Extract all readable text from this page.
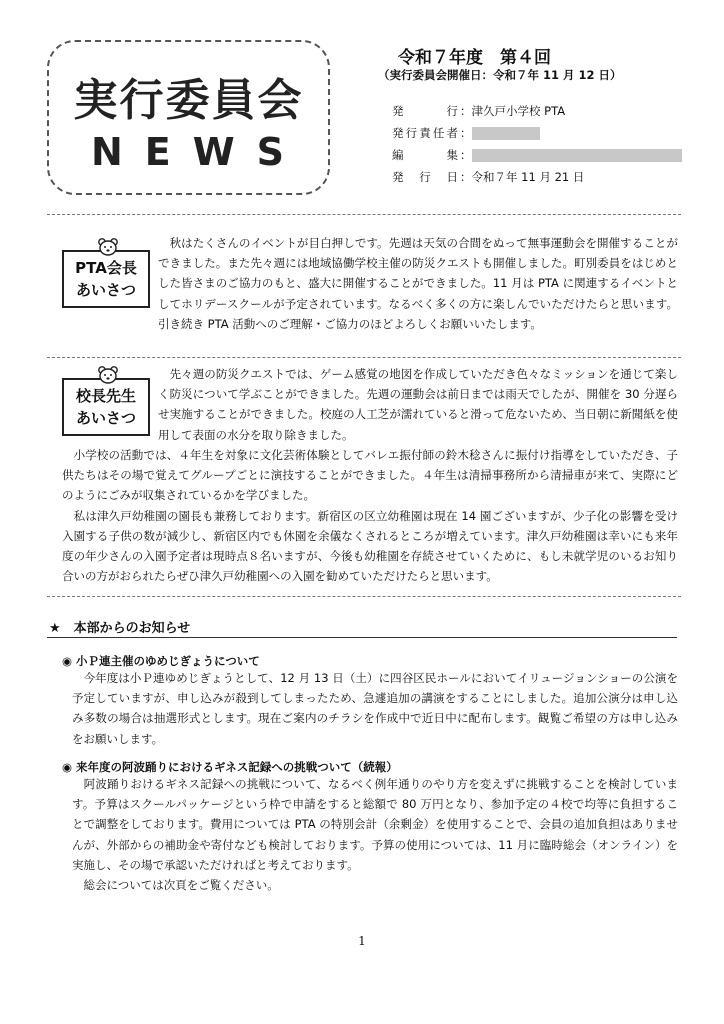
実行委員会
NEWS
令和７年度　第４回
（実行委員会開催日：令和７年 11 月 12 日）
発行 ：津久戸小学校 PTA
発行責任者 ：
編集 ：
発行日 ：令和７年 11 月 21 日
PTA会長
あいさつ

　秋はたくさんのイベントが目白押しです。先週は天気の合間をぬって無事運動会を開催することができました。また先々週には地域協働学校主催の防災クエストも開催しました。町別委員をはじめとした皆さまのご協力のもと、盛大に開催することができました。11 月は PTA に関連するイベントとしてホリデースクールが予定されています。なるべく多くの方に楽しんでいただけたらと思います。引き続き PTA 活動へのご理解・ご協力のほどよろしくお願いいたします。

校長先生
あいさつ

　先々週の防災クエストでは、ゲーム感覚の地図を作成していただき色々なミッションを通じて楽しく防災について学ぶことができました。先週の運動会は前日までは雨天でしたが、開催を 30 分遅らせ実施することができました。校庭の人工芝が濡れていると滑って危ないため、当日朝に新聞紙を使用して表面の水分を取り除きました。

　小学校の活動では、４年生を対象に文化芸術体験としてバレエ振付師の鈴木稔さんに振付け指導をしていただき、子供たちはその場で覚えてグループごとに演技することができました。４年生は清掃事務所から清掃車が来て、実際にどのようにごみが収集されているかを学びました。

　私は津久戸幼稚園の園長も兼務しております。新宿区の区立幼稚園は現在 14 園ございますが、少子化の影響を受け入園する子供の数が減少し、新宿区内でも休園を余儀なくされるところが増えています。津久戸幼稚園は幸いにも来年度の年少さんの入園予定者は現時点８名いますが、今後も幼稚園を存続させていくために、もし未就学児のいるお知り合いの方がおられたらぜひ津久戸幼稚園への入園を勧めていただけたらと思います。

★　本部からのお知らせ
◉ 小Ｐ連主催のゆめじぎょうについて

　今年度は小Ｐ連ゆめじぎょうとして、12 月 13 日（土）に四谷区民ホールにおいてイリュージョンショーの公演を予定していますが、申し込みが殺到してしまったため、急遽追加の講演をすることにしました。追加公演分は申し込み多数の場合は抽選形式とします。現在ご案内のチラシを作成中で近日中に配布します。観覧ご希望の方は申し込みをお願いします。

◉ 来年度の阿波踊りにおけるギネス記録への挑戦ついて（続報）

　阿波踊りおけるギネス記録への挑戦について、なるべく例年通りのやり方を変えずに挑戦することを検討しています。予算はスクールパッケージという枠で申請をすると総額で 80 万円となり、参加予定の４校で均等に負担することで調整をしております。費用については PTA の特別会計（余剰金）を使用することで、会員の追加負担はありませんが、外部からの補助金や寄付なども検討しております。予算の使用については、11 月に臨時総会（オンライン）を実施し、その場で承認いただければと考えております。

　総会については次頁をご覧ください。

1
